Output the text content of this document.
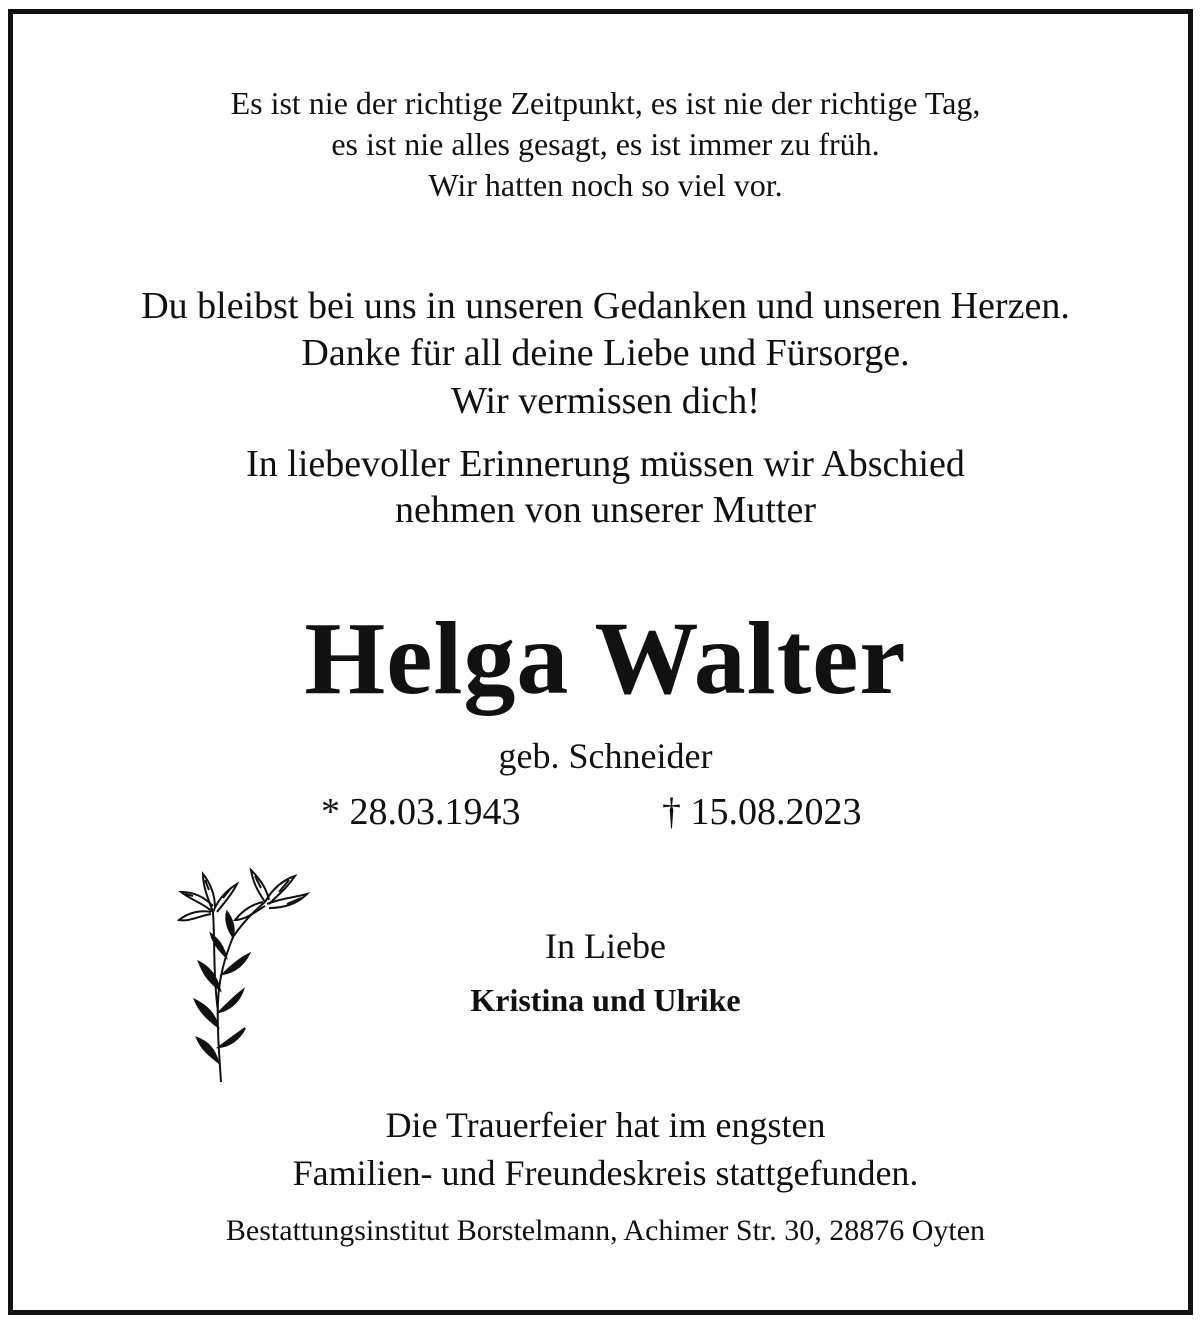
Es ist nie der richtige Zeitpunkt, es ist nie der richtige Tag,
es ist nie alles gesagt, es ist immer zu früh.
Wir hatten noch so viel vor.
Du bleibst bei uns in unseren Gedanken und unseren Herzen.
Danke für all deine Liebe und Fürsorge.
Wir vermissen dich!
In liebevoller Erinnerung müssen wir Abschied
nehmen von unserer Mutter
Helga Walter
geb. Schneider
* 28.03.1943	† 15.08.2023
In Liebe
Kristina und Ulrike
Die Trauerfeier hat im engsten
Familien- und Freundeskreis stattgefunden.
Bestattungsinstitut Borstelmann, Achimer Str. 30, 28876 Oyten
